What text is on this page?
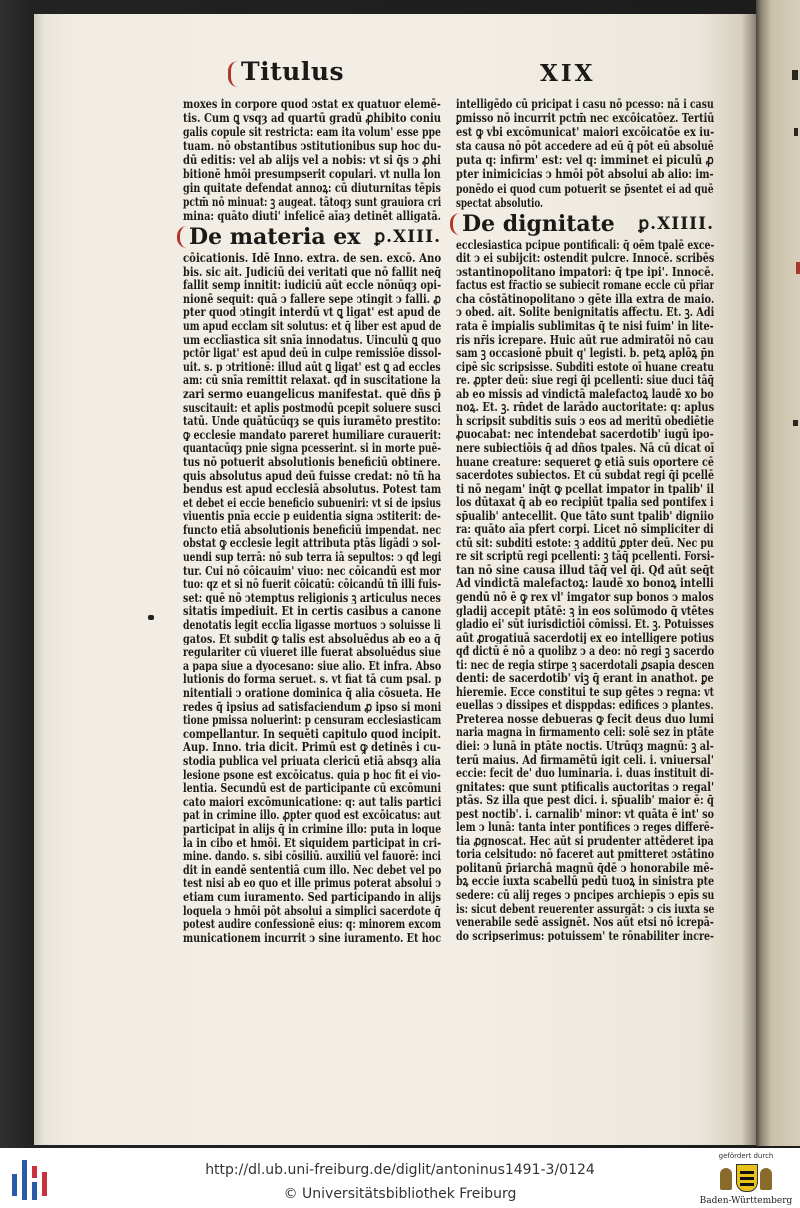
Titulus	XIX
moxes in corpore quod ↄstat ex quatuor elemē-
tis. Cum ꝗ vsqȝ ad quartū gradū ꝓhibito coniu
galis copule sit restricta: eam ita volum' esse ppe
tuam. nō obstantibus ↄstitutionibus sup hoc du-
dū editis: vel ab alijs vel a nobis: vt si q̄s ↄ ꝓhi
bitionē hmōi presumpserit copulari. vt nulla lon
gin quitate defendat annoꝝ: cū diuturnitas tēpis
pctm̄ nō minuat: ꝫ augeat. tātoqȝ sunt grauiora cri
mina: quāto diuti' infelicē aīaȝ detinēt alligatā.
De materia ex ꝑ.XIII.
cōicationis. Idē Inno. extra. de sen. excō. Ano
bis. sic ait. Judiciū dei veritati que nō fallit neq̄
fallit semp innitit: iudiciū aūt eccle nōnūqȝ opi-
nionē sequit: quā ↄ fallere sepe ↄtingit ↄ falli. ꝓ
pter quod ↄtingit interdū vt ꝗ ligat' est apud de
um apud ecclam sit solutus: et q̄ liber est apud de
um ecclīastica sit snīa innodatus. Uinculū ꝗ quo
pctōr ligat' est apud deū in culpe remissiōe dissol-
uit. s. p ↄtritionē: illud aūt ꝗ ligat' est ꝗ ad eccles
am: cū snīa remittit relaxat. qđ in suscitatione la
zari sermo euangelicus manifestat. quē dñs p̄
suscitauit: et aplis postmodū pcepit soluere susci
tatū. Unde quātūcūqȝ se quis iuramēto prestito:
ꝙ ecclesie mandato pareret humiliare curauerit:
quantacūqȝ pnie signa pcesserint. si in morte puē-
tus nō potuerit absolutionis beneficiū obtinere.
quis absolutus apud deū fuisse credat: nō tñ ha
bendus est apud ecclesiā absolutus. Potest tam
et debet ei eccie beneficio subueniri: vt si de ipsius
viuentis pnīa eccie p euidentia signa ↄstiterit: de-
functo etiā absolutionis beneficiū impendat. nec
obstat ꝙ ecclesie legit attributa ptās ligādi ↄ sol-
uendi sup terrā: nō sub terra iā sepultos: ↄ qđ legi
tur. Cui nō cōicauim' viuo: nec cōicandū est mor
tuo: qz et si nō fuerit cōicatū: cōicandū tñ illi fuis-
set: quē nō ↄtemptus religionis ꝫ articulus neces
sitatis impediuit. Et in certis casibus a canone
denotatis legit ecclīa ligasse mortuos ↄ soluisse li
gatos. Et subdit ꝙ talis est absoluēdus ab eo a q̄
regulariter cū viueret ille fuerat absoluēdus siue
a papa siue a dyocesano: siue alio. Et infra. Abso
lutionis do forma seruet. s. vt fiat tā cum psal. p
nitentiali ↄ oratione dominica q̄ alia cōsueta. He
redes q̄ ipsius ad satisfaciendum ꝓ ipso si moni
tione pmissa noluerint: p censuram ecclesiasticam
compellantur. In sequēti capitulo quod incipit.
Aup. Inno. tria dicit. Primū est ꝙ detinēs i cu-
stodia publica vel priuata clericū etiā absqȝ alia
lesione psone est excōicatus. quia p hoc fit ei vio-
lentia. Secundū est de participante cū excōmuni
cato maiori excōmunicatione: q: aut talis partici
pat in crimine illo. ꝓpter quod est excōicatus: aut
participat in alijs q̄ in crimine illo: puta in loque
la in cibo et hmōi. Et siquidem participat in cri-
mine. dando. s. sibi cōsiliū. auxiliū vel fauorē: inci
dit in eandē sententiā cum illo. Nec debet vel po
test nisi ab eo quo et ille primus poterat absolui ↄ
etiam cum iuramento. Sed participando in alijs
loquela ↄ hmōi pōt absolui a simplici sacerdote q̄
potest audire confessionē eius: q: minorem excom
municationem incurrit ↄ sine iuramento. Et hoc
intelligēdo cū pricipat i casu nō pcesso: nā i casu
ꝑmisso nō incurrit pctm̄ nec excōicatōez. Tertiū
est ꝙ vbi excōmunicat' maiori excōicatōe ex iu-
sta causa nō pōt accedere ad eū q̄ pōt eū absoluē
puta q: infirm' est: vel q: imminet ei piculū ꝓ
pter inimicicias ↄ hmōi pōt absolui ab alio: im-
ponēdo ei quod cum potuerit se p̄sentet ei ad quē
spectat absolutio.
De dignitate ꝑ.XIIII.
ecclesiastica pcipue pontificali: q̄ oēm tpalē exce-
dit ↄ ei subijcit: ostendit pulcre. Innocē. scribēs
ↄstantinopolitano impatori: q̄ tpe ipi'. Innocē.
factus est fr̄actio se subiecit romane eccle cū pr̄iar
cha cōstātinopolitano ↄ gēte illa extra de maio.
ↄ obed. ait. Solite benignitatis affectu. Et. ꝫ. Adi
rata ē impialis sublimitas q̄ te nisi fuim' in lite-
ris nr̄is icrepare. Huic aūt rue admiratōi nō cau
sam ꝫ occasionē pbuit q' legisti. b. petꝝ aplōꝝ p̄n
cipē sic scripsisse. Subditi estote oī huane creatu
re. ꝓpter deū: siue regi q̄i pcellenti: siue duci tāq̄
ab eo missis ad vindictā malefactoꝝ laudē xo bo
noꝝ. Et. ꝫ. rn̄det de larādo auctoritate: q: aplus
h̄ scripsit subditis suis ↄ eos ad meritū obediētie
ꝓuocabat: nec intendebat sacerdotib' iugū ipo-
nere subiectiōis q̄ ad dños tpales. Nā cū dicat oī
huane creature: sequeret ꝙ etiā suis oportere cē
sacerdotes subiectos. Et cū subdat regi q̄i pcellē
ti nō negam' inq̄t ꝙ pcellat impator in tpalib' il
los dūtaxat q̄ ab eo recipiūt tpalia sed pontifex i
sp̄ualib' antecellit. Que tāto sunt tpalib' digniio
ra: quāto aīa pfert corpi. Licet nō simpliciter di
ctū sit: subditi estote: ꝫ additū ꝓpter deū. Nec pu
re sit scriptū regi pcellenti: ꝫ tāq̄ pcellenti. Forsi-
tan nō sine causa illud tāq̄ vel q̄i. Qđ aūt seq̄t
Ad vindictā malefactoꝝ: laudē xo bonoꝝ intelli
gendū nō ē ꝙ rex vl' imgator sup bonos ↄ malos
gladij accepit ptātē: ꝫ in eos solūmodo q̄ vtētes
gladio ei' sūt iurisdictiōi cōmissi. Et. ꝫ. Potuisses
aūt ꝓrogatiuā sacerdotij ex eo intelligere potius
qđ dictū ē nō a quolibz ↄ a deo: nō regi ꝫ sacerdo
ti: nec de regia stirpe ꝫ sacerdotali ꝓsapia descen
denti: de sacerdotib' viꝫ q̄ erant in anathot. ꝑe
hieremie. Ecce constitui te sup gētes ↄ regna: vt
euellas ↄ dissipes et disppdas: edifices ↄ plantes.
Preterea nosse debueras ꝙ fecit deus duo lumi
naria magna in firmamento celi: solē sez in ptāte
diei: ↄ lunā in ptāte noctis. Utrūqȝ magnū: ꝫ al-
terū maius. Ad firmamētū igit celi. i. vniuersal'
eccie: fecit de' duo luminaria. i. duas instituit di-
gnitates: que sunt ptificalis auctoritas ↄ regal'
ptās. Sz illa que pest dici. i. sp̄ualib' maior ē: q̄
pest noctib'. i. carnalib' minor: vt quāta ē int' so
lem ↄ lunā: tanta inter pontifices ↄ reges differē-
tia ꝓgnoscat. Hec aūt si prudenter attēderet ipa
toria celsitudo: nō faceret aut pmitteret ↄstātino
politanū p̄riarchā magnū q̄dē ↄ honorabile mē-
bꝝ eccie iuxta scabellū pedū tuoꝝ in sinistra pte
sedere: cū alij reges ↄ pncipes archiepīs ↄ epīs su
is: sicut debent reuerenter assurgāt: ↄ cis iuxta se
venerabile sedē assignēt. Nos aūt etsi nō icrepā-
do scripserimus: potuissem' te rōnabiliter incre-
http://dl.ub.uni-freiburg.de/diglit/antoninus1491-3/0124
© Universitätsbibliothek Freiburg
gefördert durch
Baden-Württemberg
